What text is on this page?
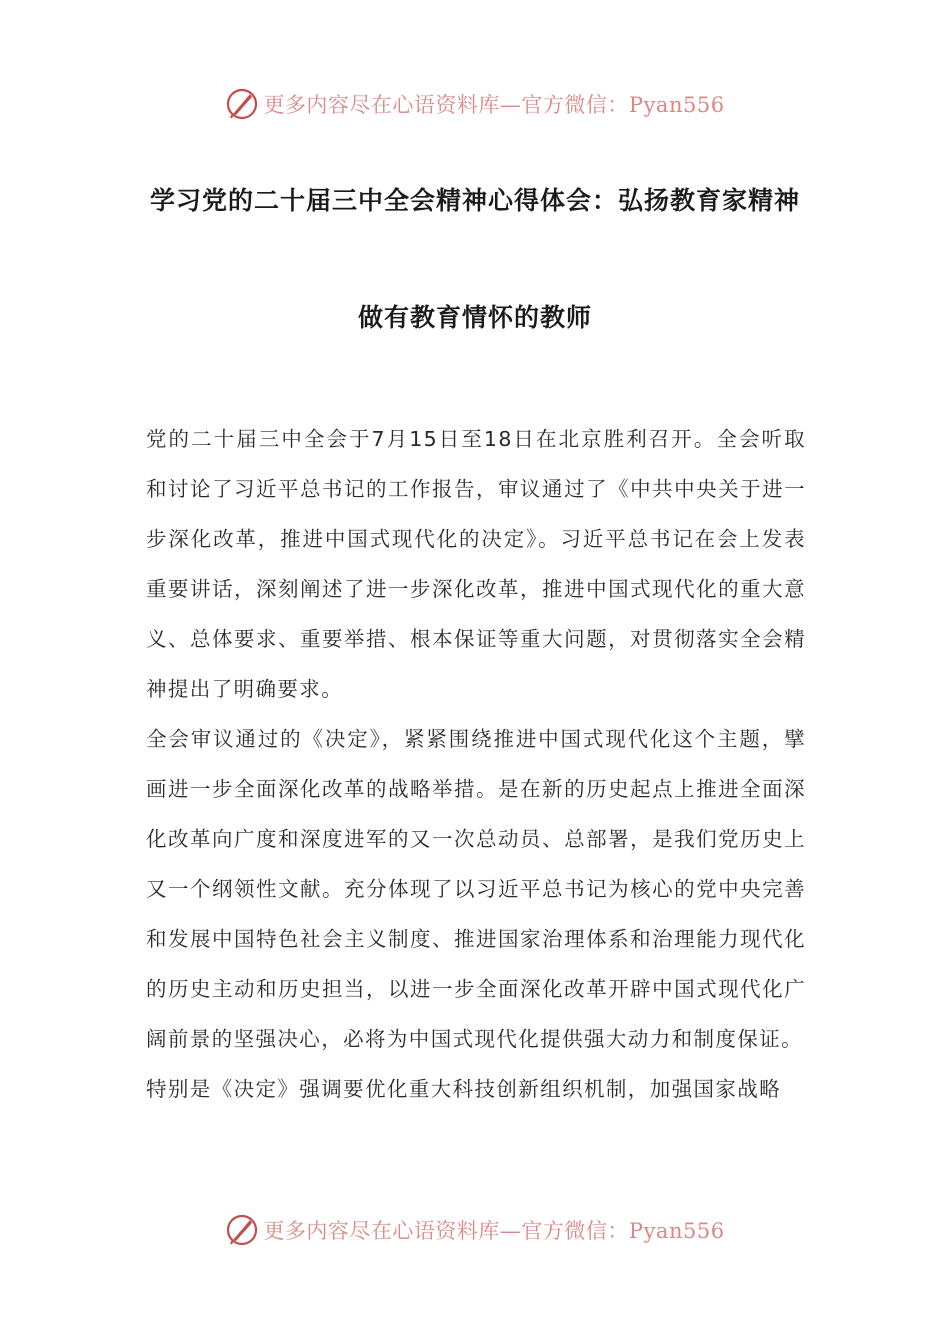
更多内容尽在心语资料库—官方微信：Pyan556
学习党的二十届三中全会精神心得体会：弘扬教育家精神
做有教育情怀的教师

党的二十届三中全会于7月15日至18日在北京胜利召开。全会听取和讨论了习近平总书记的工作报告，审议通过了《中共中央关于进一步深化改革，推进中国式现代化的决定》。习近平总书记在会上发表重要讲话，深刻阐述了进一步深化改革，推进中国式现代化的重大意义、总体要求、重要举措、根本保证等重大问题，对贯彻落实全会精神提出了明确要求。

全会审议通过的《决定》，紧紧围绕推进中国式现代化这个主题，擘画进一步全面深化改革的战略举措。是在新的历史起点上推进全面深化改革向广度和深度进军的又一次总动员、总部署，是我们党历史上又一个纲领性文献。充分体现了以习近平总书记为核心的党中央完善和发展中国特色社会主义制度、推进国家治理体系和治理能力现代化的历史主动和历史担当，以进一步全面深化改革开辟中国式现代化广阔前景的坚强决心，必将为中国式现代化提供强大动力和制度保证。

特别是《决定》强调要优化重大科技创新组织机制，加强国家战略

更多内容尽在心语资料库—官方微信：Pyan556
